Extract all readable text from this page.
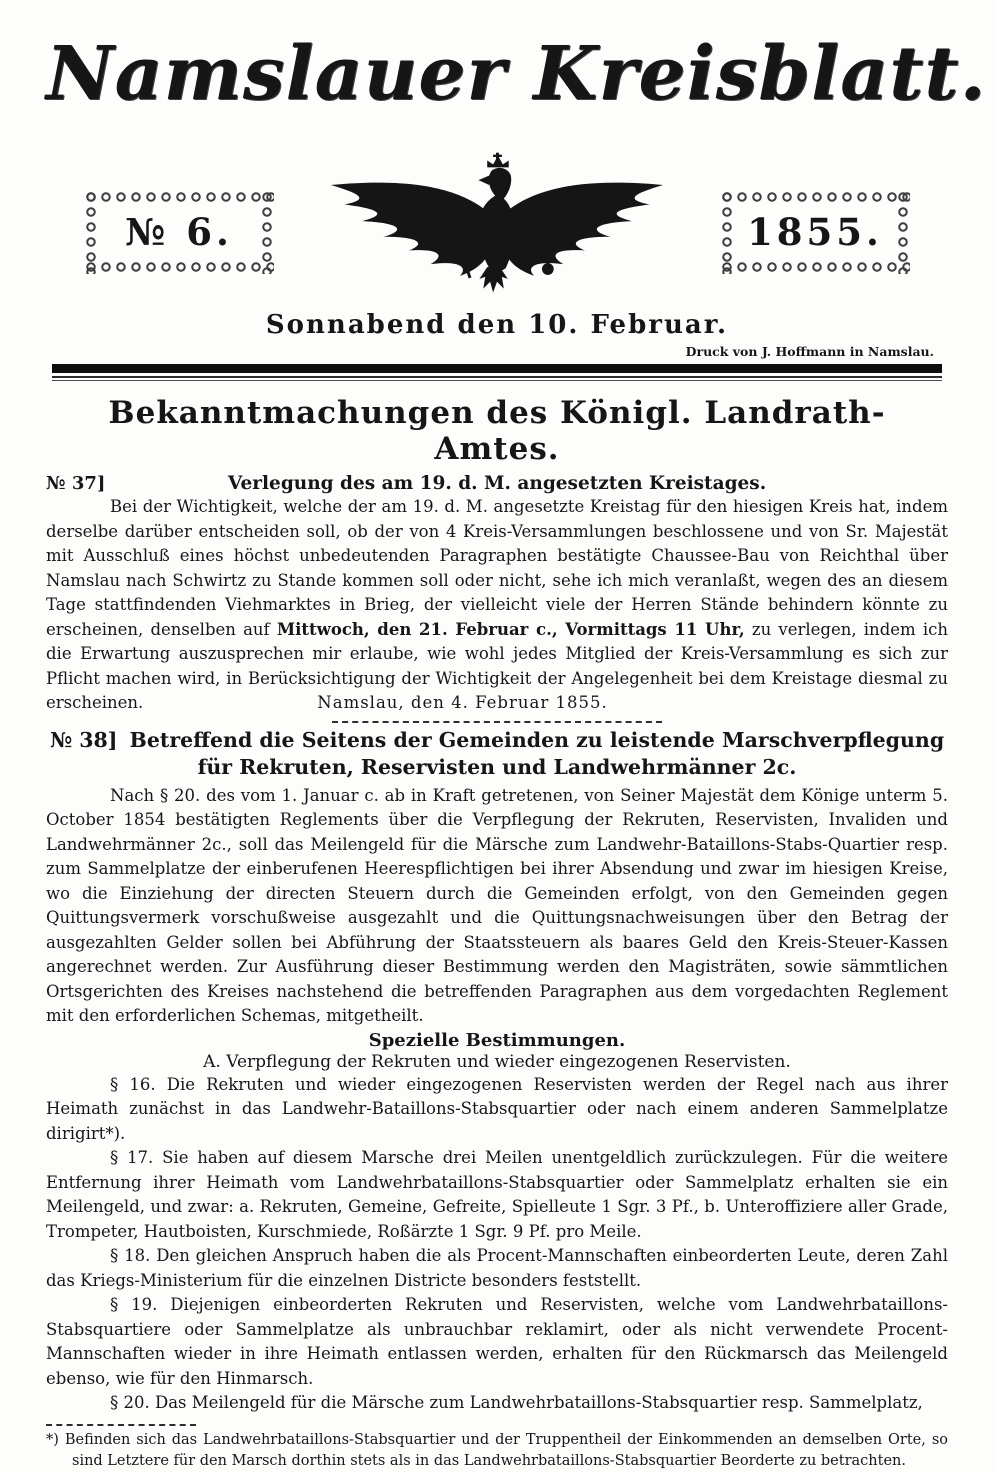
Namslauer Kreisblatt.
№ 6.	1855.
Sonnabend den 10. Februar.
Druck von J. Hoffmann in Namslau.
Bekanntmachungen des Königl. Landrath-Amtes.
№ 37]	Verlegung des am 19. d. M. angesetzten Kreistages.

Bei der Wichtigkeit, welche der am 19. d. M. angesetzte Kreistag für den hiesigen Kreis hat, indem derselbe darüber entscheiden soll, ob der von 4 Kreis-Versammlungen beschlossene und von Sr. Majestät mit Ausschluß eines höchst unbedeutenden Paragraphen bestätigte Chaussee-Bau von Reichthal über Namslau nach Schwirtz zu Stande kommen soll oder nicht, sehe ich mich veranlaßt, wegen des an diesem Tage stattfindenden Viehmarktes in Brieg, der vielleicht viele der Herren Stände behindern könnte zu erscheinen, denselben auf Mittwoch, den 21. Februar c., Vormittags 11 Uhr, zu verlegen, indem ich die Erwartung auszusprechen mir erlaube, wie wohl jedes Mitglied der Kreis-Versammlung es sich zur Pflicht machen wird, in Berücksichtigung der Wichtigkeit der Angelegenheit bei dem Kreistage diesmal zu erscheinen.	Namslau, den 4. Februar 1855.

№ 38] Betreffend die Seitens der Gemeinden zu leistende Marschverpflegung für Rekruten, Reservisten und Landwehrmänner 2c.

Nach § 20. des vom 1. Januar c. ab in Kraft getretenen, von Seiner Majestät dem Könige unterm 5. October 1854 bestätigten Reglements über die Verpflegung der Rekruten, Reservisten, Invaliden und Landwehrmänner 2c., soll das Meilengeld für die Märsche zum Landwehr-Bataillons-Stabs-Quartier resp. zum Sammelplatze der einberufenen Heerespflichtigen bei ihrer Absendung und zwar im hiesigen Kreise, wo die Einziehung der directen Steuern durch die Gemeinden erfolgt, von den Gemeinden gegen Quittungsvermerk vorschußweise ausgezahlt und die Quittungsnachweisungen über den Betrag der ausgezahlten Gelder sollen bei Abführung der Staatssteuern als baares Geld den Kreis-Steuer-Kassen angerechnet werden. Zur Ausführung dieser Bestimmung werden den Magisträten, sowie sämmtlichen Ortsgerichten des Kreises nachstehend die betreffenden Paragraphen aus dem vorgedachten Reglement mit den erforderlichen Schemas, mitgetheilt.

Spezielle Bestimmungen.
A. Verpflegung der Rekruten und wieder eingezogenen Reservisten.

§ 16. Die Rekruten und wieder eingezogenen Reservisten werden der Regel nach aus ihrer Heimath zunächst in das Landwehr-Bataillons-Stabsquartier oder nach einem anderen Sammelplatze dirigirt*).

§ 17. Sie haben auf diesem Marsche drei Meilen unentgeldlich zurückzulegen. Für die weitere Entfernung ihrer Heimath vom Landwehrbataillons-Stabsquartier oder Sammelplatz erhalten sie ein Meilengeld, und zwar: a. Rekruten, Gemeine, Gefreite, Spielleute 1 Sgr. 3 Pf., b. Unteroffiziere aller Grade, Trompeter, Hautboisten, Kurschmiede, Roßärzte 1 Sgr. 9 Pf. pro Meile.

§ 18. Den gleichen Anspruch haben die als Procent-Mannschaften einbeorderten Leute, deren Zahl das Kriegs-Ministerium für die einzelnen Districte besonders feststellt.

§ 19. Diejenigen einbeorderten Rekruten und Reservisten, welche vom Landwehrbataillons-Stabsquartiere oder Sammelplatze als unbrauchbar reklamirt, oder als nicht verwendete Procent-Mannschaften wieder in ihre Heimath entlassen werden, erhalten für den Rückmarsch das Meilengeld ebenso, wie für den Hinmarsch.

§ 20. Das Meilengeld für die Märsche zum Landwehrbataillons-Stabsquartier resp. Sammelplatz,

*) Befinden sich das Landwehrbataillons-Stabsquartier und der Truppentheil der Einkommenden an demselben Orte, so sind Letztere für den Marsch dorthin stets als in das Landwehrbataillons-Stabsquartier Beorderte zu betrachten.
